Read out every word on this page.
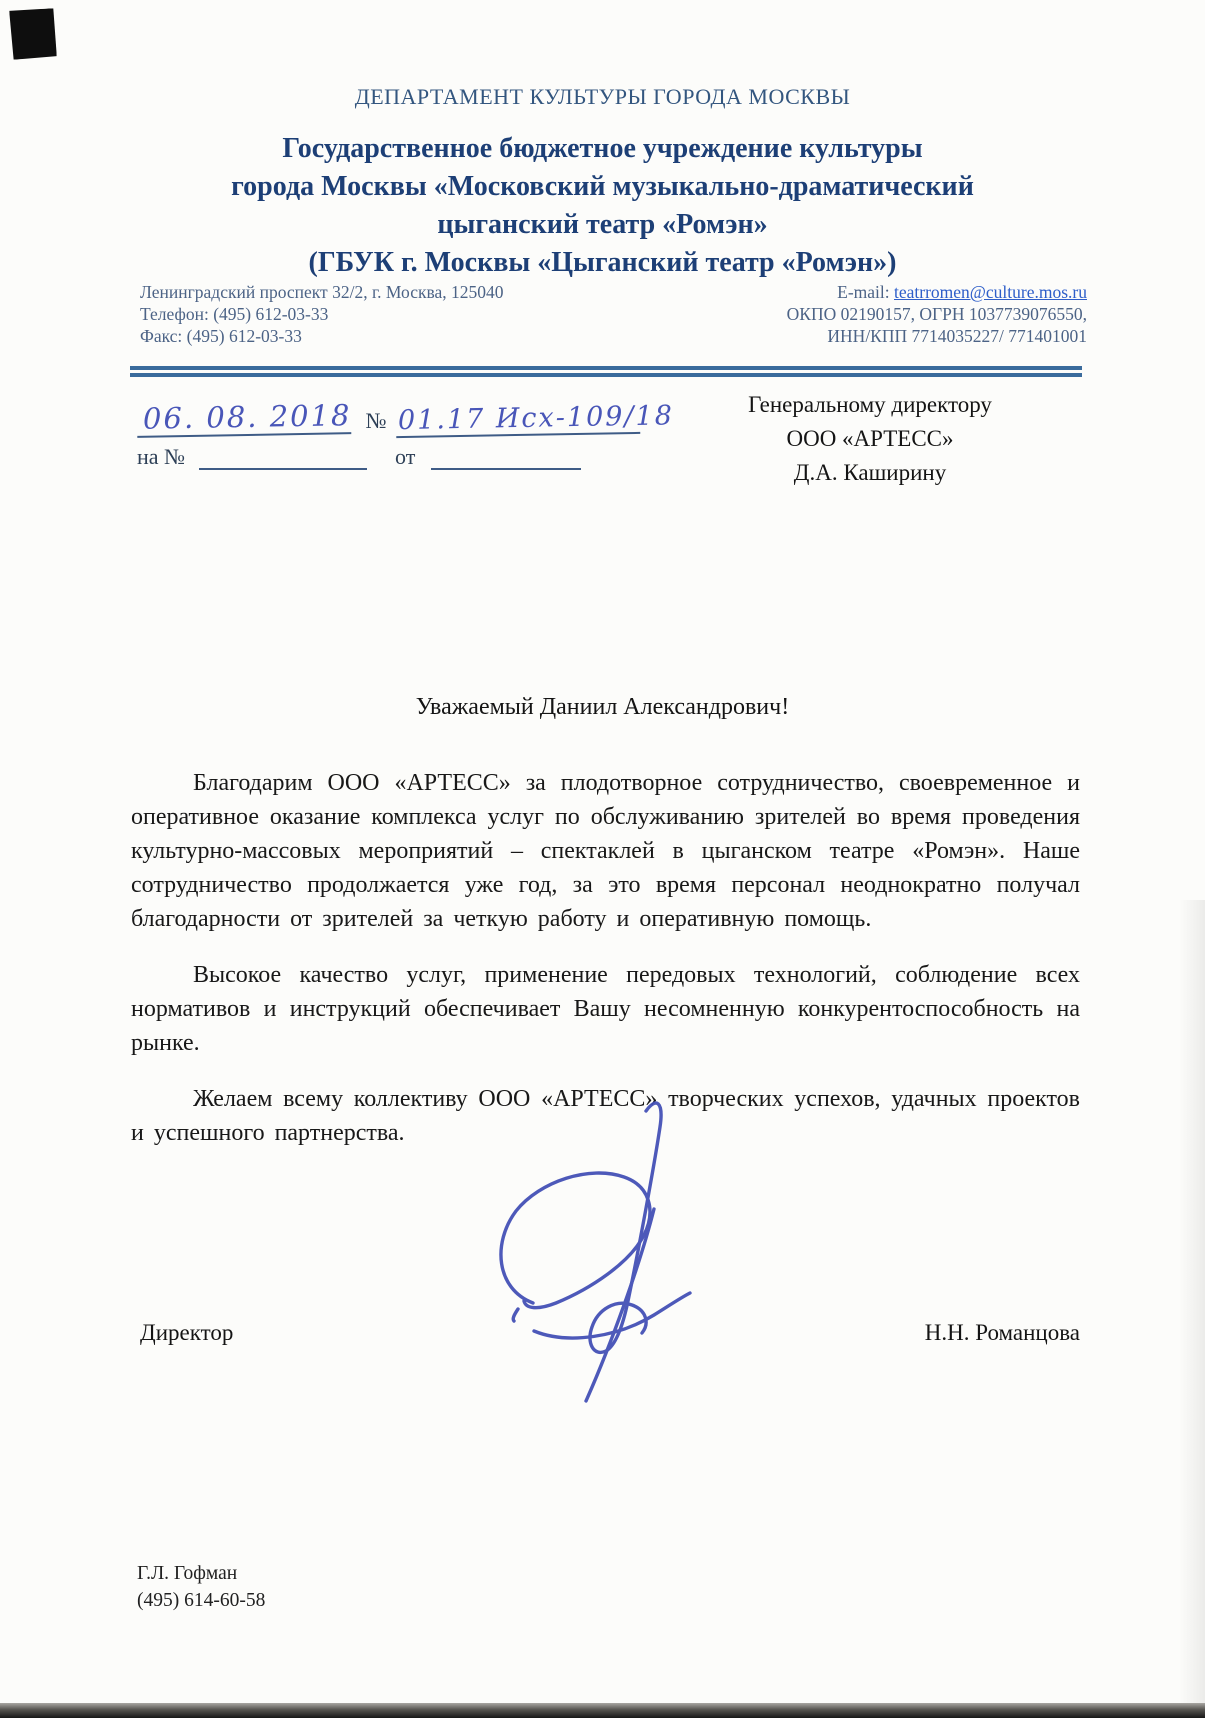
ДЕПАРТАМЕНТ КУЛЬТУРЫ ГОРОДА МОСКВЫ
Государственное бюджетное учреждение культуры
города Москвы «Московский музыкально-драматический
цыганский театр «Ромэн»
(ГБУК г. Москвы «Цыганский театр «Ромэн»)
Ленинградский проспект 32/2, г. Москва, 125040
Телефон: (495) 612-03-33
Факс: (495) 612-03-33
E-mail: teatrromen@culture.mos.ru
ОКПО 02190157, ОГРН 1037739076550,
ИНН/КПП 7714035227/ 771401001
06. 08. 2018 № 01.17 Исх-109/18
на №	от
Генеральному директору
ООО «АРТЕСС»
Д.А. Каширину
Уважаемый Даниил Александрович!

Благодарим ООО «АРТЕСС» за плодотворное сотрудничество, своевременное и оперативное оказание комплекса услуг по обслуживанию зрителей во время проведения культурно-массовых мероприятий – спектаклей в цыганском театре «Ромэн». Наше сотрудничество продолжается уже год, за это время персонал неоднократно получал благодарности от зрителей за четкую работу и оперативную помощь.

Высокое качество услуг, применение передовых технологий, соблюдение всех нормативов и инструкций обеспечивает Вашу несомненную конкурентоспособность на рынке.

Желаем всему коллективу ООО «АРТЕСС» творческих успехов, удачных проектов и успешного партнерства.

Директор	Н.Н. Романцова
Г.Л. Гофман
(495) 614-60-58
